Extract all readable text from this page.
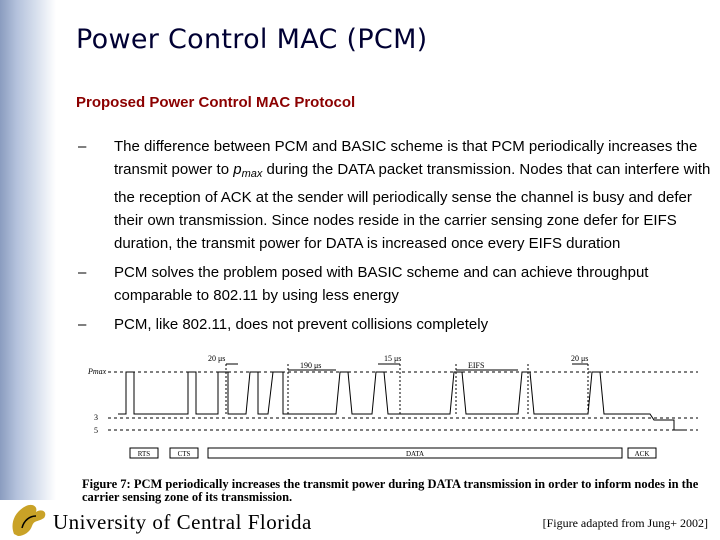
Power Control MAC (PCM)
Proposed Power Control MAC Protocol
– The difference between PCM and BASIC scheme is that PCM periodically increases the transmit power to $p_{max}$ during the DATA packet transmission. Nodes that can interfere with the reception of ACK at the sender will periodically sense the channel is busy and defer their own transmission. Since nodes reside in the carrier sensing zone defer for EIFS duration, the transmit power for DATA is increased once every EIFS duration
– PCM solves the problem posed with BASIC scheme and can achieve throughput comparable to 802.11 by using less energy
– PCM, like 802.11, does not prevent collisions completely
Pmax
3
5
20 μs
190 μs
15 μs
EIFS
20 μs
RTS	CTS	DATA	ACK
Figure 7: PCM periodically increases the transmit power during DATA transmission in order to inform nodes in the carrier sensing zone of its transmission.
University of Central Florida	[Figure adapted from Jung+ 2002]
